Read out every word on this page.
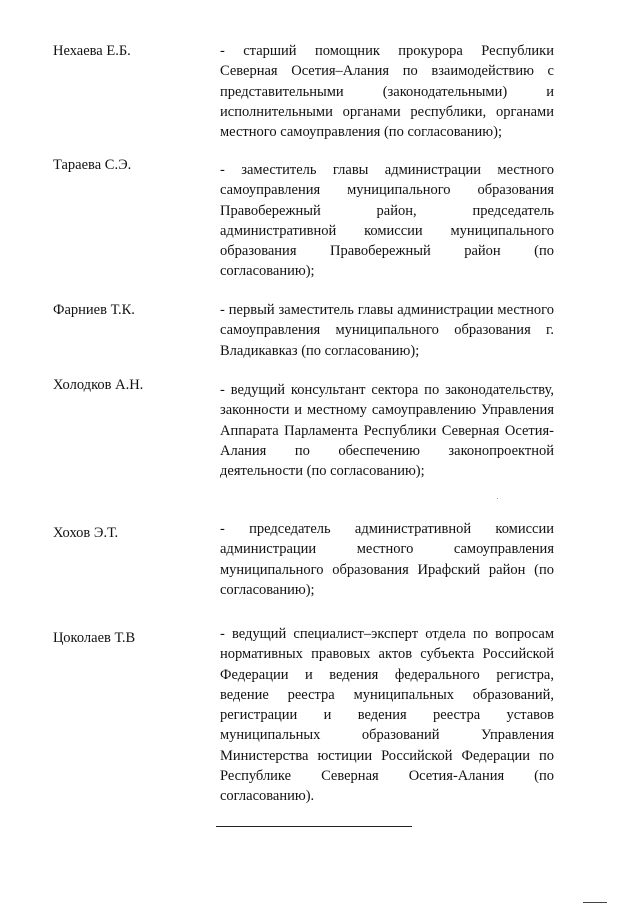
Нехаева Е.Б.	- старший помощник прокурора Республики Северная Осетия–Алания по взаимодействию с представительными (законодательными) и исполнительными органами республики, органами местного самоуправления (по согласованию);
Тараева С.Э.	- заместитель главы администрации местного самоуправления муниципального образования Правобережный район, председатель административной комиссии муниципального образования Правобережный район (по согласованию);
Фарниев Т.К.	- первый заместитель главы администрации местного самоуправления муниципального образования г. Владикавказ (по согласованию);
Холодков А.Н.	- ведущий консультант сектора по законодательству, законности и местному самоуправлению Управления Аппарата Парламента Республики Северная Осетия-Алания по обеспечению законопроектной деятельности (по согласованию);
Хохов Э.Т.	- председатель административной комиссии администрации местного самоуправления муниципального образования Ирафский район (по согласованию);
Цоколаев Т.В	- ведущий специалист–эксперт отдела по вопросам нормативных правовых актов субъекта Российской Федерации и ведения федерального регистра, ведение реестра муниципальных образований, регистрации и ведения реестра уставов муниципальных образований Управления Министерства юстиции Российской Федерации по Республике Северная Осетия-Алания (по согласованию).
